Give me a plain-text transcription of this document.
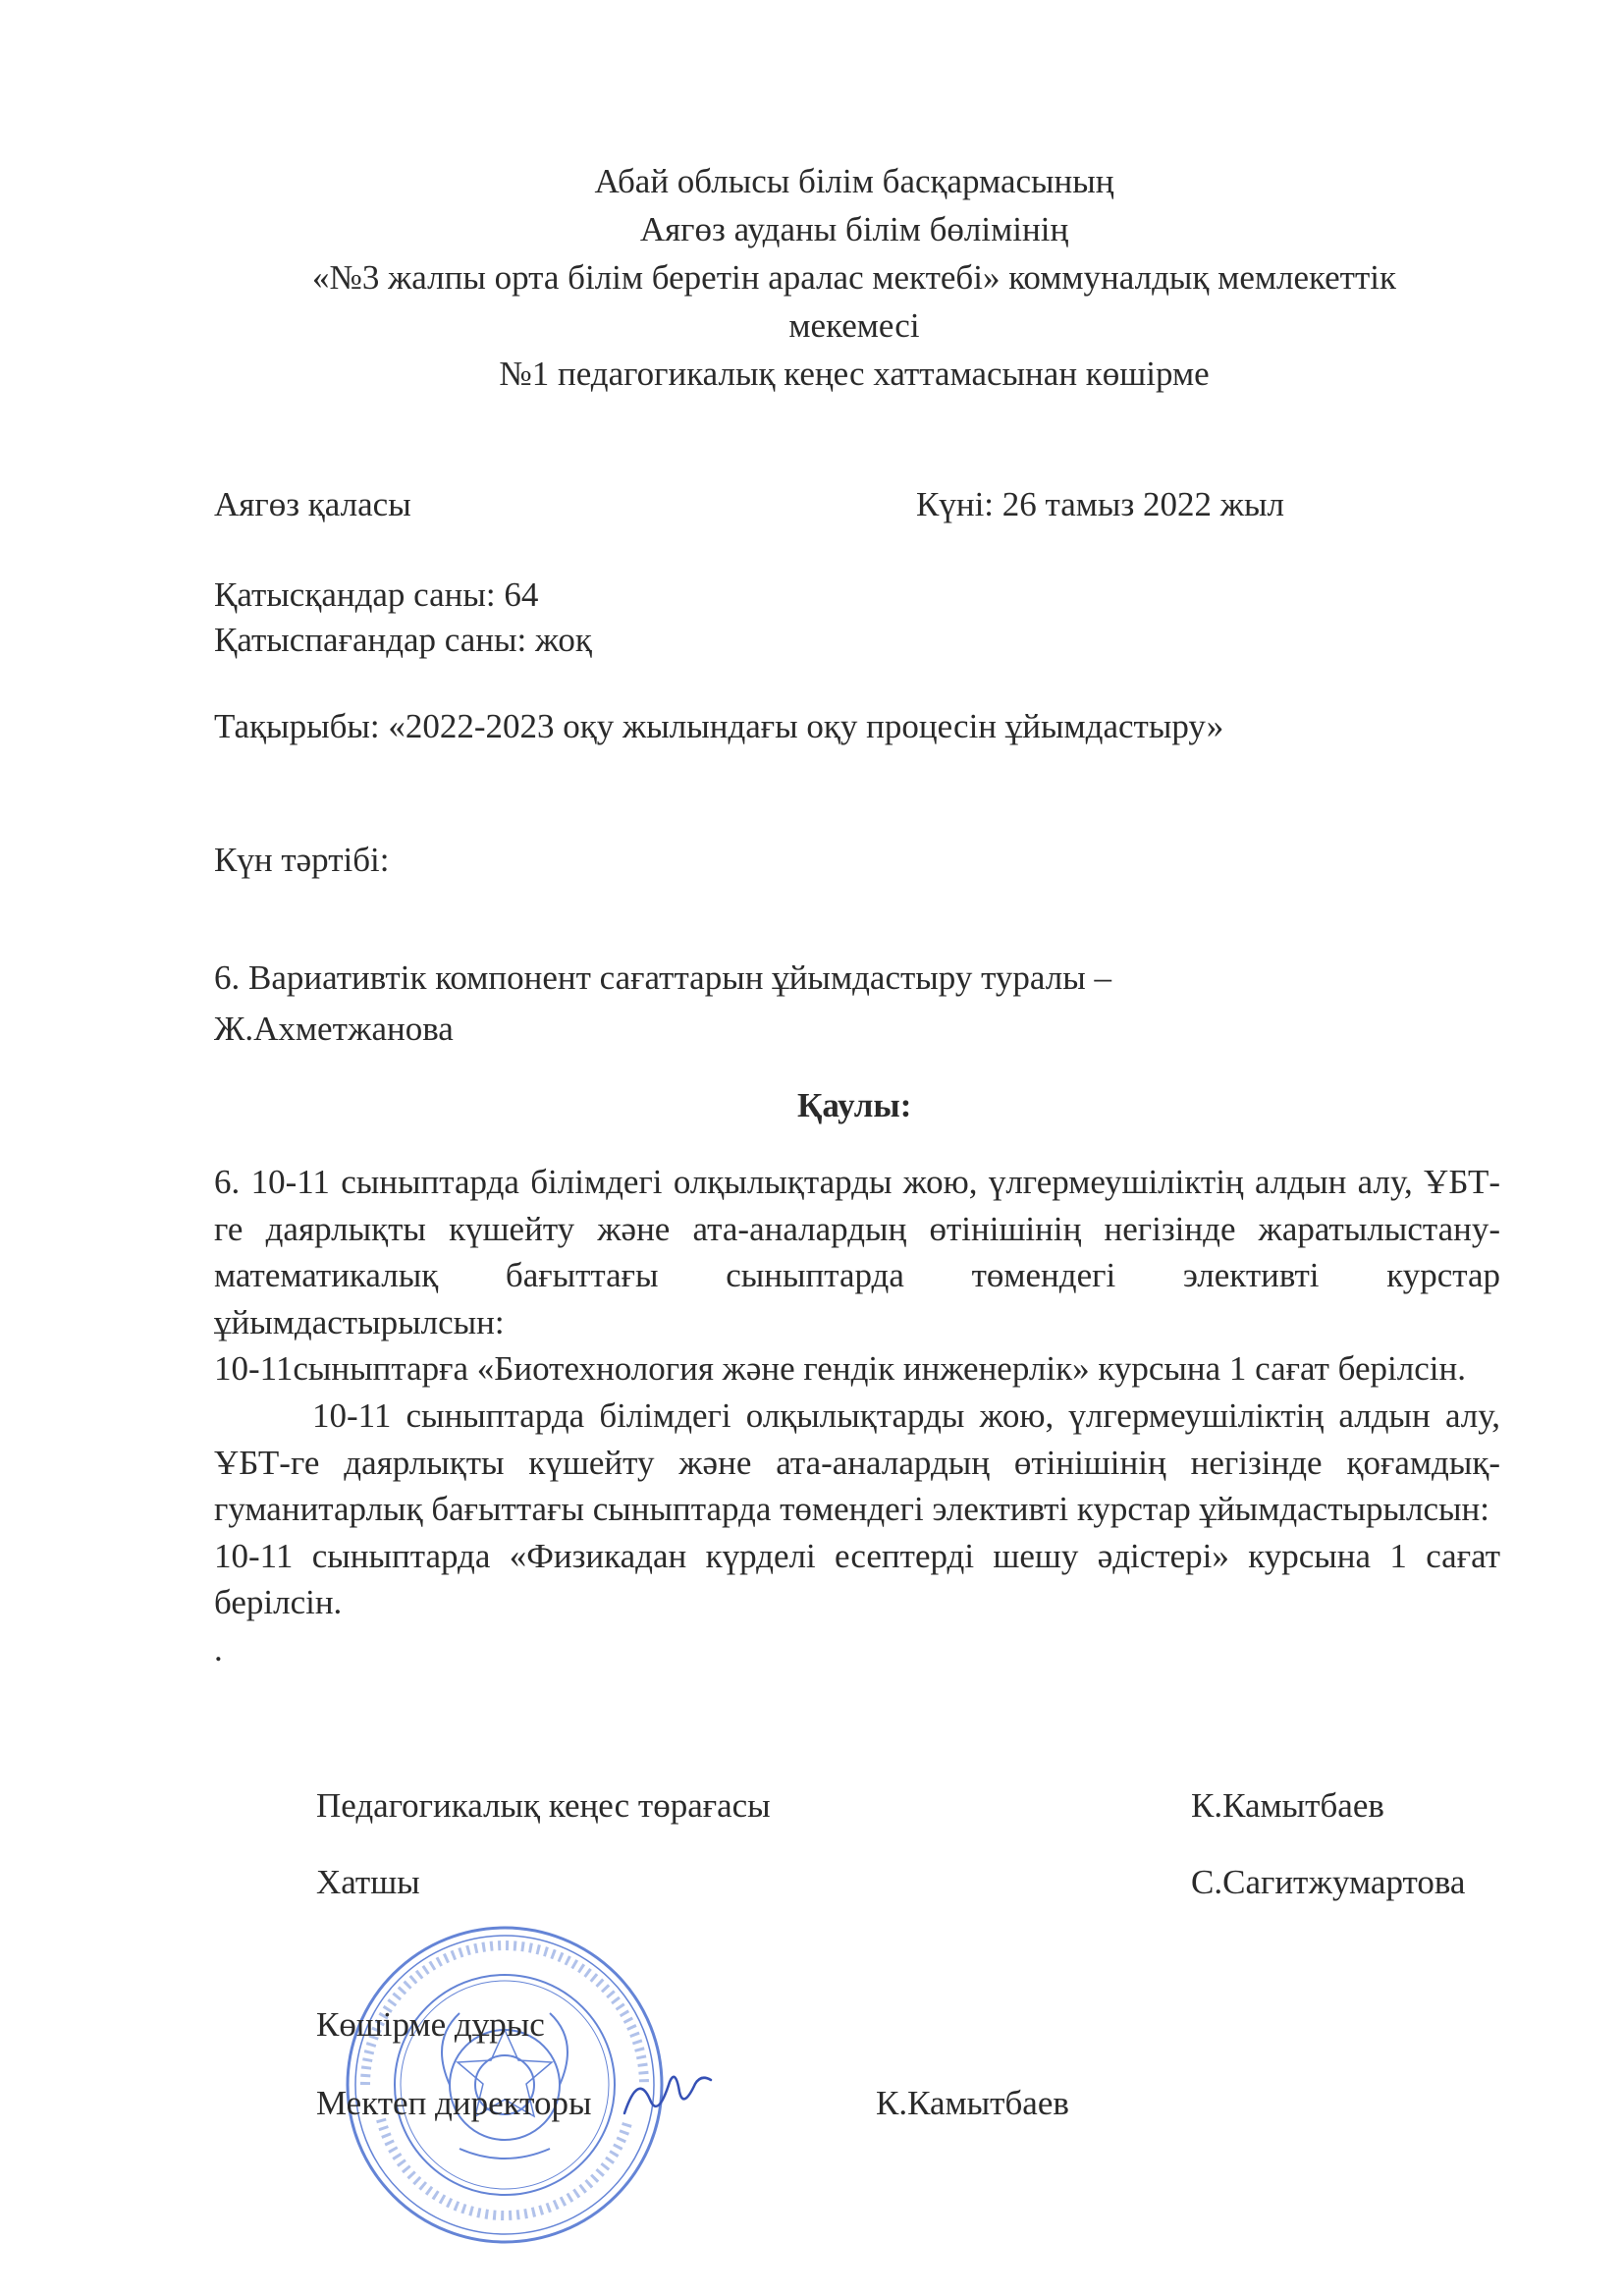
Абай облысы білім басқармасының
Аягөз ауданы білім бөлімінің
«№3 жалпы орта білім беретін аралас мектебі» коммуналдық мемлекеттік
мекемесі
№1 педагогикалық кеңес хаттамасынан көшірме
Аягөз қаласы	Күні: 26 тамыз 2022 жыл
Қатысқандар саны: 64
Қатыспағандар саны: жоқ
Тақырыбы: «2022-2023 оқу жылындағы оқу процесін ұйымдастыру»
Күн тәртібі:
6. Вариативтік компонент сағаттарын ұйымдастыру туралы –
Ж.Ахметжанова
Қаулы:
6. 10-11 сыныптарда білімдегі олқылықтарды жою, үлгермеушіліктің алдын алу, ҰБТ-ге даярлықты күшейту және ата-аналардың өтінішінің негізінде жаратылыстану-математикалық бағыттағы сыныптарда төмендегі элективті курстар ұйымдастырылсын:
10-11сыныптарға «Биотехнология және гендік инженерлік» курсына 1 сағат берілсін.
10-11 сыныптарда білімдегі олқылықтарды жою, үлгермеушіліктің алдын алу, ҰБТ-ге даярлықты күшейту және ата-аналардың өтінішінің негізінде қоғамдық-гуманитарлық бағыттағы сыныптарда төмендегі элективті курстар ұйымдастырылсын:
10-11 сыныптарда «Физикадан күрделі есептерді шешу әдістері» курсына 1 сағат берілсін.
.
Педагогикалық кеңес төрағасы	К.Камытбаев
Хатшы	С.Сагитжумартова
Көшірме дұрыс
Мектеп директоры	К.Камытбаев
